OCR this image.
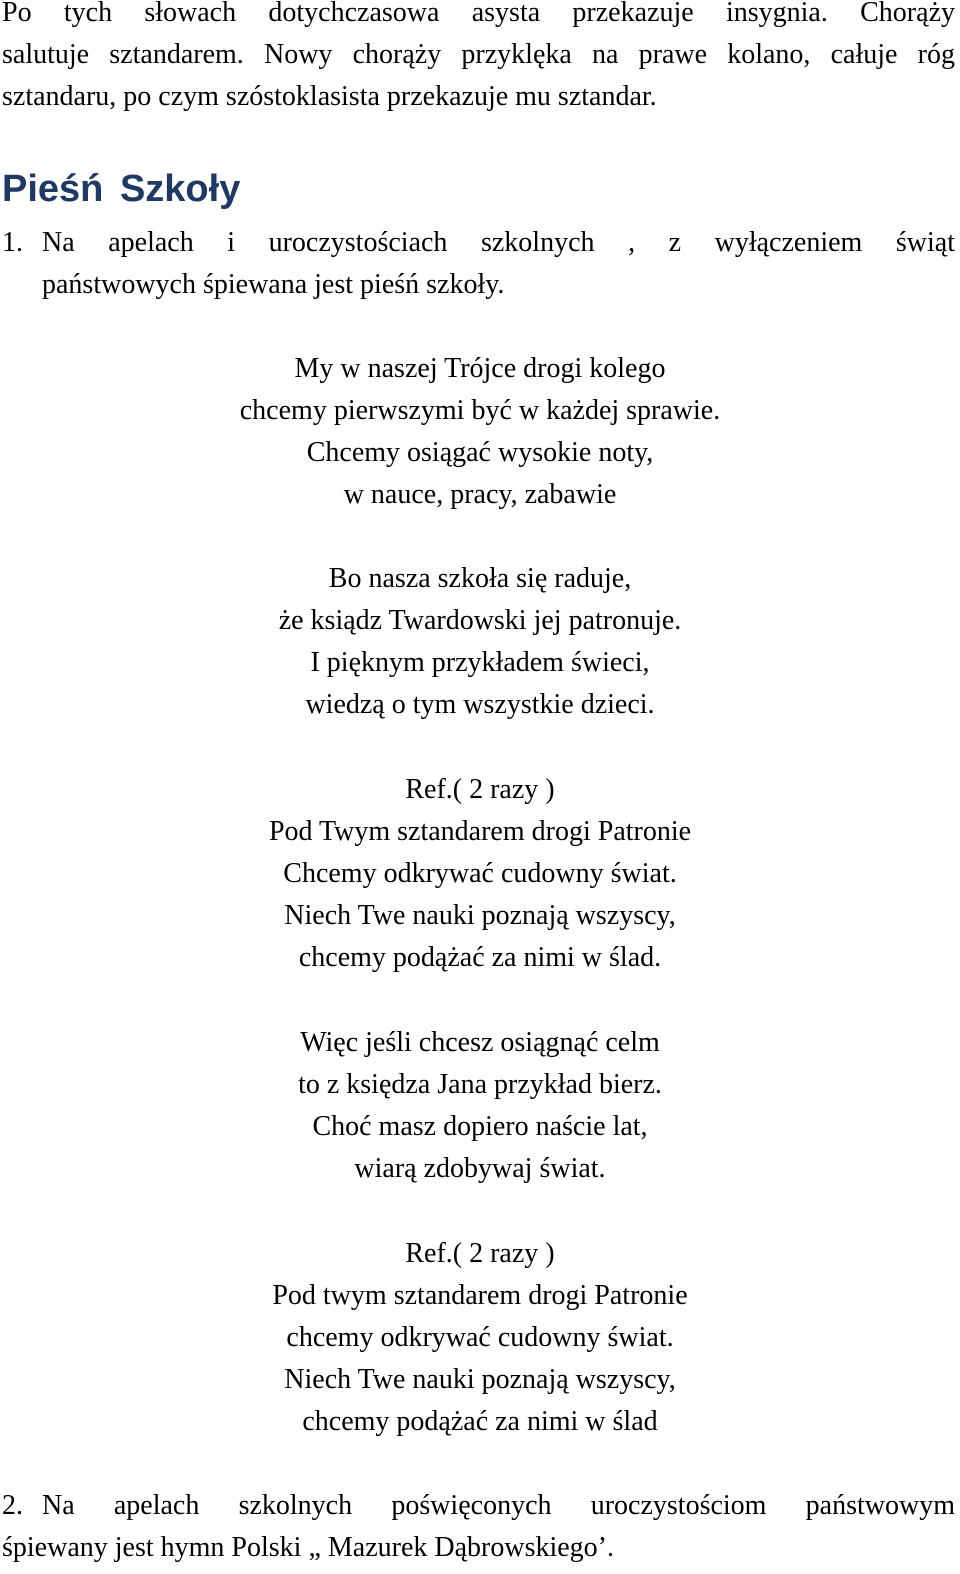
Po tych słowach dotychczasowa asysta przekazuje insygnia. Chorąży
salutuje sztandarem. Nowy chorąży przyklęka na prawe kolano, całuje róg
sztandaru, po czym szóstoklasista przekazuje mu sztandar.

Pieśń Szkoły
1. Na apelach i uroczystościach szkolnych , z wyłączeniem świąt
państwowych śpiewana jest pieśń szkoły.
My w naszej Trójce drogi kolego
chcemy pierwszymi być w każdej sprawie.
Chcemy osiągać wysokie noty,
w nauce, pracy, zabawie
Bo nasza szkoła się raduje,
że ksiądz Twardowski jej patronuje.
I pięknym przykładem świeci,
wiedzą o tym wszystkie dzieci.
Ref.( 2 razy )
Pod Twym sztandarem drogi Patronie
Chcemy odkrywać cudowny świat.
Niech Twe nauki poznają wszyscy,
chcemy podążać za nimi w ślad.
Więc jeśli chcesz osiągnąć celm
to z księdza Jana przykład bierz.
Choć masz dopiero naście lat,
wiarą zdobywaj świat.
Ref.( 2 razy )
Pod twym sztandarem drogi Patronie
chcemy odkrywać cudowny świat.
Niech Twe nauki poznają wszyscy,
chcemy podążać za nimi w ślad
2. Na apelach szkolnych poświęconych uroczystościom państwowym
śpiewany jest hymn Polski „ Mazurek Dąbrowskiego’.
